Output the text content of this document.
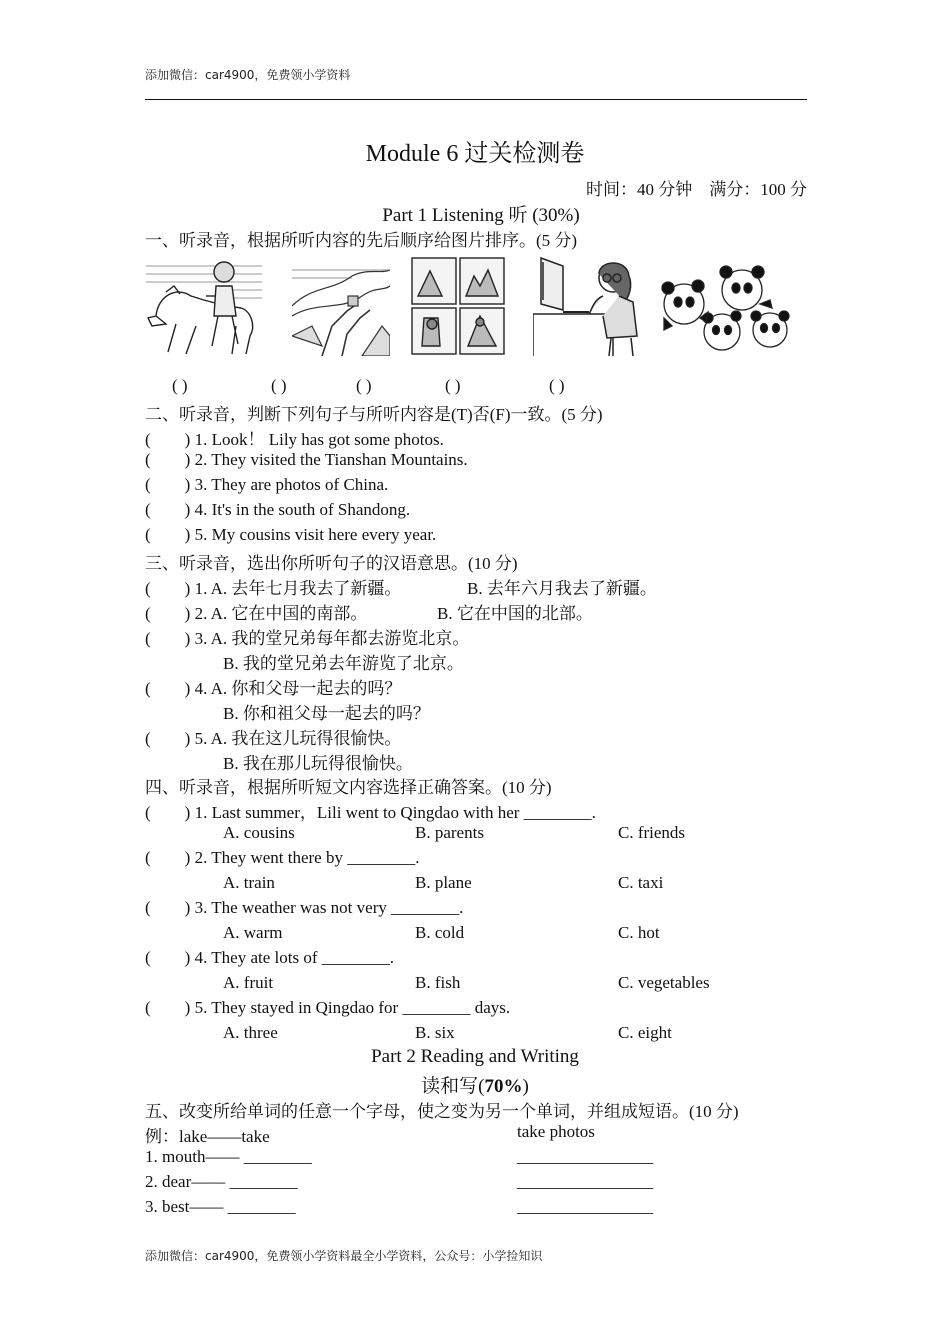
添加微信：car4900，免费领小学资料
添加微信：car4900，免费领小学资料最全小学资料，公众号：小学捡知识
Module 6 过关检测卷
时间：40 分钟    满分：100 分
Part 1 Listening 听 (30%)
一、听录音，根据所听内容的先后顺序给图片排序。(5 分)
( )	( )	( )	( )	( )
二、听录音，判断下列句子与所听内容是(T)否(F)一致。(5 分)
(        ) 1. Look！ Lily has got some photos.
(        ) 2. They visited the Tianshan Mountains.
(        ) 3. They are photos of China.
(        ) 4. It's in the south of Shandong.
(        ) 5. My cousins visit here every year.
三、听录音，选出你所听句子的汉语意思。(10 分)
(        ) 1. A. 去年七月我去了新疆。	B. 去年六月我去了新疆。
(        ) 2. A. 它在中国的南部。	B. 它在中国的北部。
(        ) 3. A. 我的堂兄弟每年都去游览北京。
B. 我的堂兄弟去年游览了北京。
(        ) 4. A. 你和父母一起去的吗？
B. 你和祖父母一起去的吗？
(        ) 5. A. 我在这儿玩得很愉快。
B. 我在那儿玩得很愉快。
四、听录音，根据所听短文内容选择正确答案。(10 分)
(        ) 1. Last summer，Lili went to Qingdao with her ________.
A. cousins	B. parents	C. friends
(        ) 2. They went there by ________.
A. train	B. plane	C. taxi
(        ) 3. The weather was not very ________.
A. warm	B. cold	C. hot
(        ) 4. They ate lots of ________.
A. fruit	B. fish	C. vegetables
(        ) 5. They stayed in Qingdao for ________ days.
A. three	B. six	C. eight
Part 2 Reading and Writing
读和写(70%)
五、改变所给单词的任意一个字母，使之变为另一个单词，并组成短语。(10 分)
例：lake——take	take photos
1. mouth—— ________	________________
2. dear—— ________	________________
3. best—— ________	________________
